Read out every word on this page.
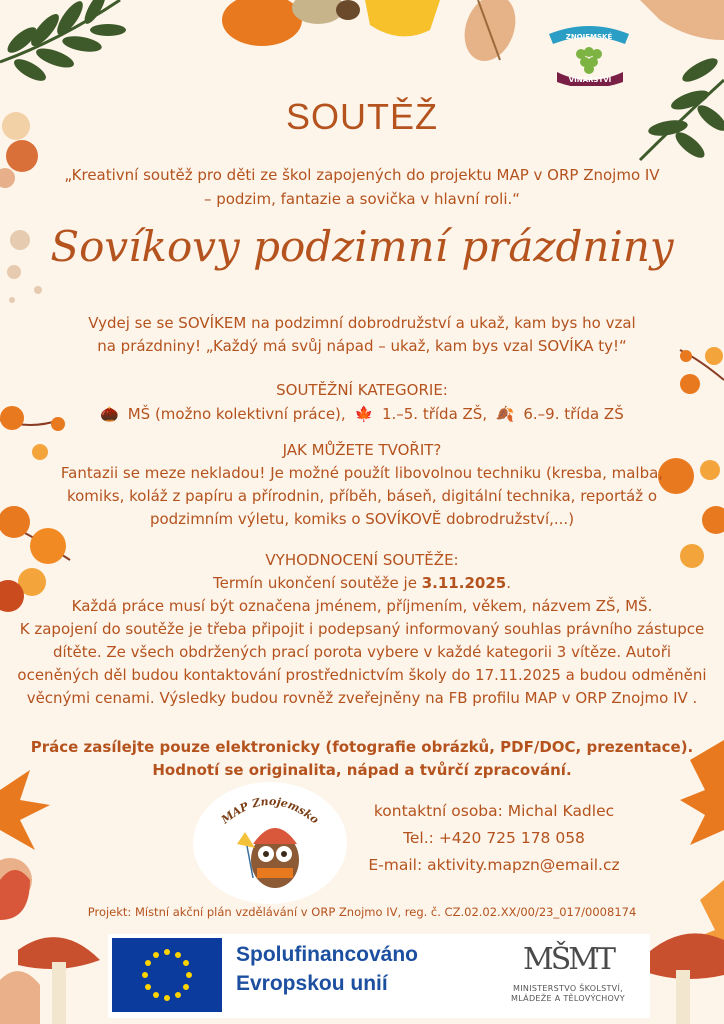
ZNOJEMSKÉ
VINAŘSTVÍ
SOUTĚŽ
„Kreativní soutěž pro děti ze škol zapojených do projektu MAP v ORP Znojmo IV
– podzim, fantazie a sovička v hlavní roli.“
Sovíkovy podzimní prázdniny
Vydej se se SOVÍKEM na podzimní dobrodružství a ukaž, kam bys ho vzal
na prázdniny! „Každý má svůj nápad – ukaž, kam bys vzal SOVÍKA ty!“
SOUTĚŽNÍ KATEGORIE:
🌰 MŠ (možno kolektivní práce), 🍁 1.–5. třída ZŠ, 🍂 6.–9. třída ZŠ
JAK MŮŽETE TVOŘIT?
Fantazii se meze nekladou! Je možné použít libovolnou techniku (kresba, malba,
komiks, koláž z papíru a přírodnin, příběh, báseň, digitální technika, reportáž o
podzimním výletu, komiks o SOVÍKOVĚ dobrodružství,...)
VYHODNOCENÍ SOUTĚŽE:
Termín ukončení soutěže je 3.11.2025.
Každá práce musí být označena jménem, příjmením, věkem, názvem ZŠ, MŠ.
K zapojení do soutěže je třeba připojit i podepsaný informovaný souhlas právního zástupce
dítěte. Ze všech obdržených prací porota vybere v každé kategorii 3 vítěze. Autoři
oceněných děl budou kontaktování prostřednictvím školy do 17.11.2025 a budou odměněni
věcnými cenami. Výsledky budou rovněž zveřejněny na FB profilu MAP v ORP Znojmo IV .
Práce zasílejte pouze elektronicky (fotografie obrázků, PDF/DOC, prezentace).
Hodnotí se originalita, nápad a tvůrčí zpracování.
MAP Znojemsko	kontaktní osoba: Michal Kadlec
Tel.: +420 725 178 058
E-mail: aktivity.mapzn@email.cz
Projekt: Místní akční plán vzdělávání v ORP Znojmo IV, reg. č. CZ.02.02.XX/00/23_017/0008174
Spolufinancováno
Evropskou unií
MŠMT
MINISTERSTVO ŠKOLSTVÍ,
MLÁDEŽE A TĚLOVÝCHOVY
